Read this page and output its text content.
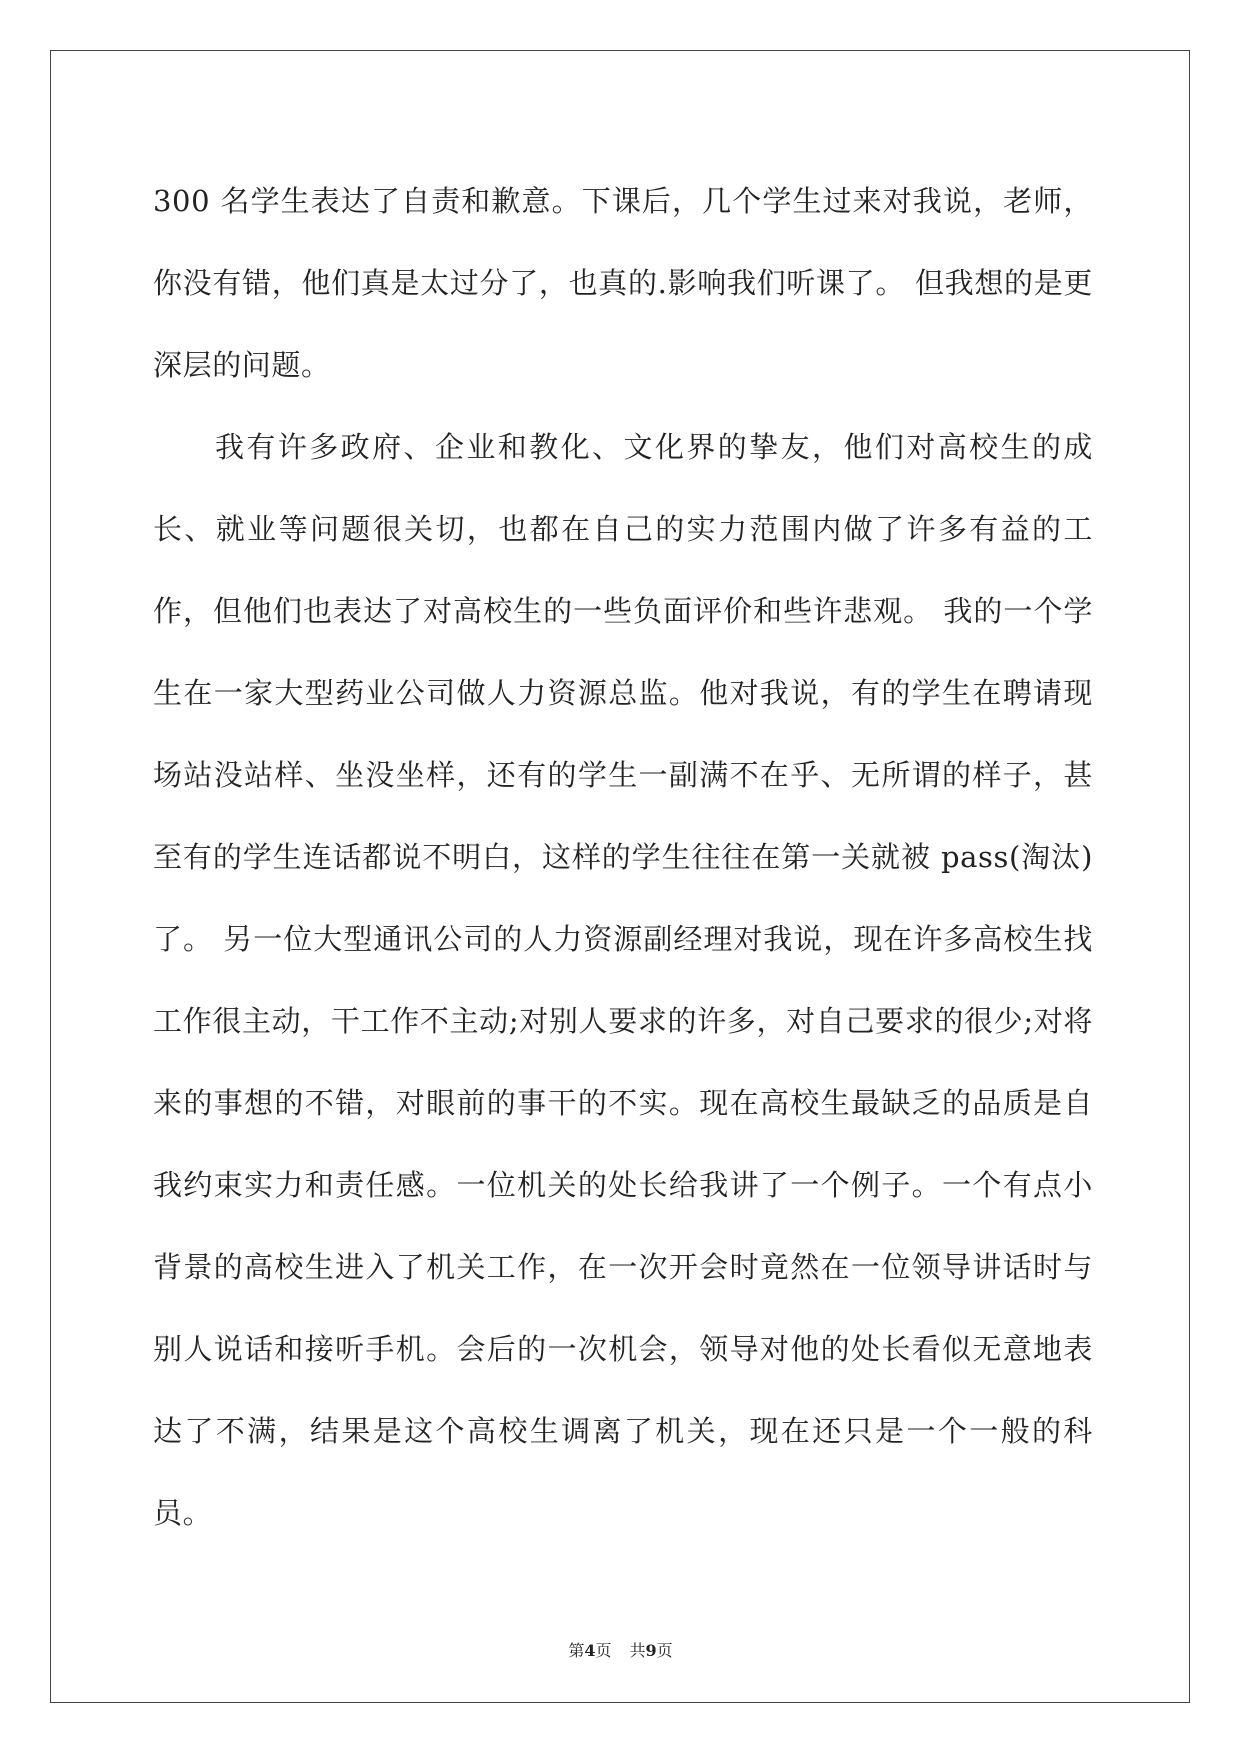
300 名学生表达了自责和歉意。下课后，几个学生过来对我说，老师，你没有错，他们真是太过分了，也真的.影响我们听课了。 但我想的是更深层的问题。

我有许多政府、企业和教化、文化界的挚友，他们对高校生的成长、就业等问题很关切，也都在自己的实力范围内做了许多有益的工作，但他们也表达了对高校生的一些负面评价和些许悲观。 我的一个学生在一家大型药业公司做人力资源总监。他对我说，有的学生在聘请现场站没站样、坐没坐样，还有的学生一副满不在乎、无所谓的样子，甚至有的学生连话都说不明白，这样的学生往往在第一关就被 pass(淘汰)了。 另一位大型通讯公司的人力资源副经理对我说，现在许多高校生找工作很主动，干工作不主动;对别人要求的许多，对自己要求的很少;对将来的事想的不错，对眼前的事干的不实。现在高校生最缺乏的品质是自我约束实力和责任感。一位机关的处长给我讲了一个例子。一个有点小背景的高校生进入了机关工作，在一次开会时竟然在一位领导讲话时与别人说话和接听手机。会后的一次机会，领导对他的处长看似无意地表达了不满，结果是这个高校生调离了机关，现在还只是一个一般的科员。

第4页 共9页
